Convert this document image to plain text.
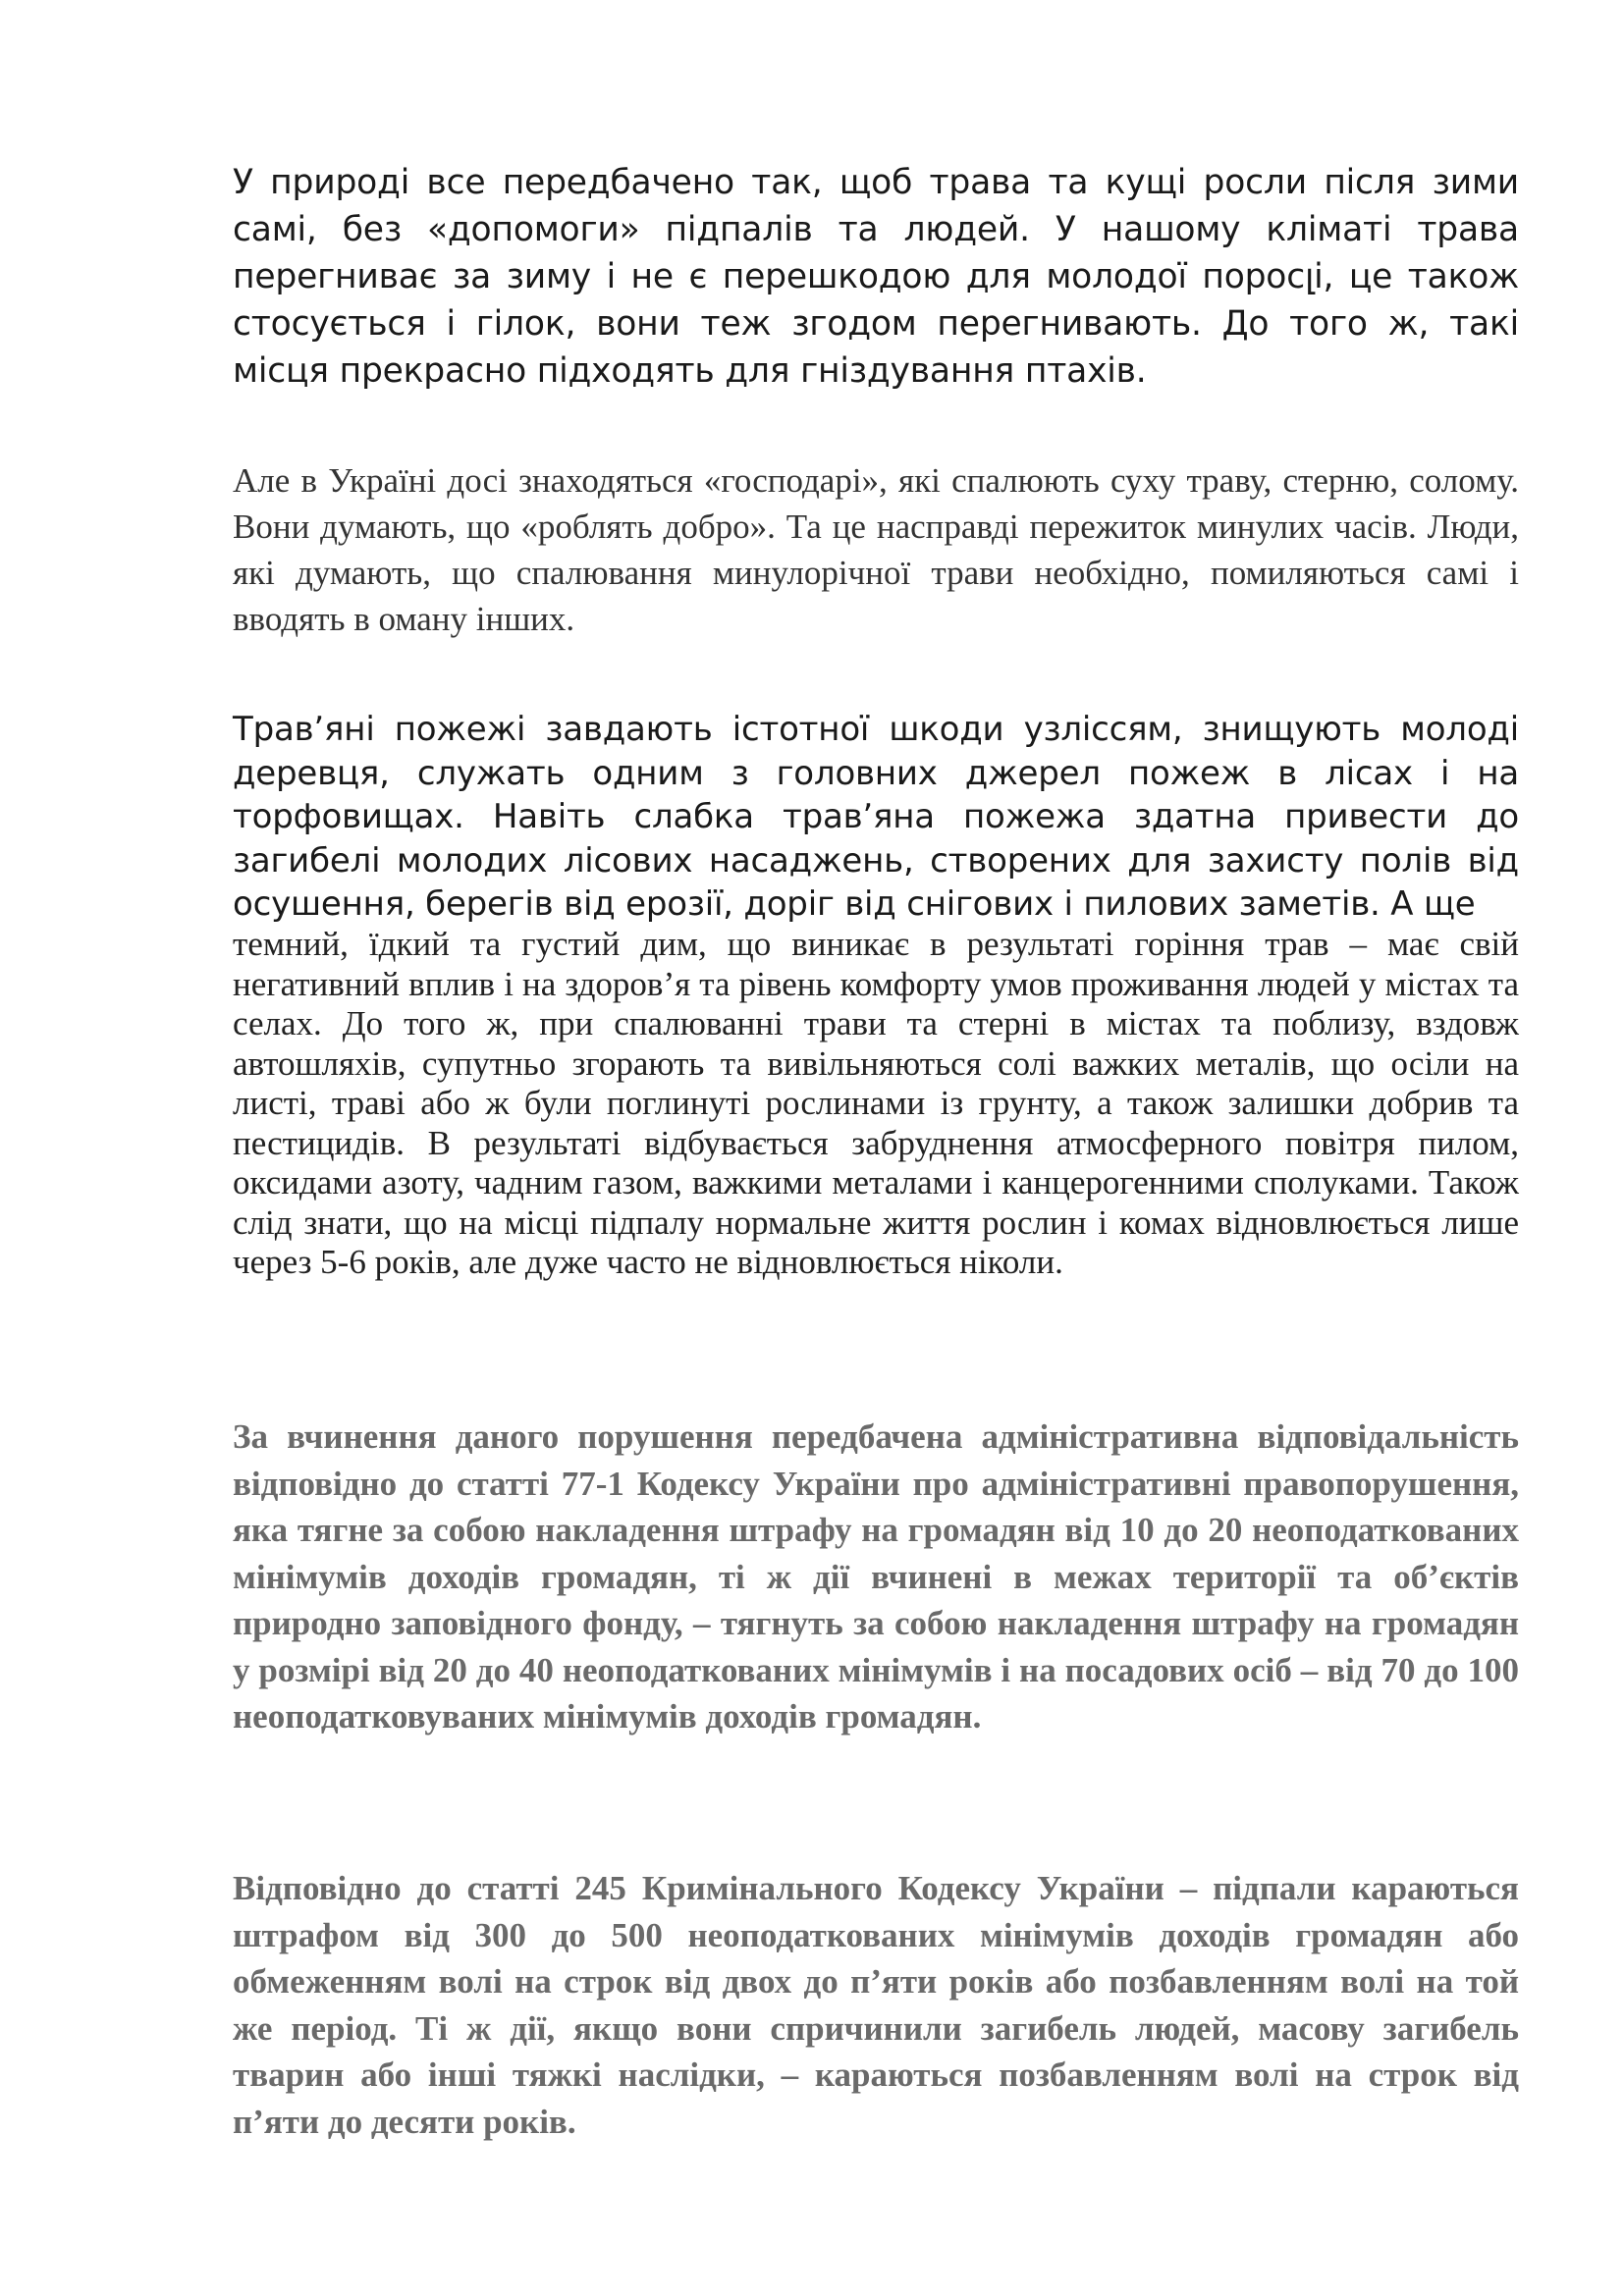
У природі все передбачено так, щоб трава та кущі росли після зими самі, без «допомоги» підпалів та людей. У нашому кліматі трава перегниває за зиму і не є перешкодою для молодої поросլі, це також стосується і гілок, вони теж згодом перегнивають. До того ж, такі місця прекрасно підходять для гніздування птахів.

Але в Україні досі знаходяться «господарі», які спалюють суху траву, стерню, солому. Вони думають, що «роблять добро». Та це насправді пережиток минулих часів. Люди, які думають, що спалювання минулорічної трави необхідно, помиляються самі і вводять в оману інших.

Трав’яні пожежі завдають істотної шкоди узліссям, знищують молоді деревця, служать одним з головних джерел пожеж в лісах і на торфовищах. Навіть слабка трав’яна пожежа здатна привести до загибелі молодих лісових насаджень, створених для захисту полів від осушення, берегів від ерозії, доріг від снігових і пилових заметів. А ще

темний, їдкий та густий дим, що виникає в результаті горіння трав – має свій негативний вплив і на здоров’я та рівень комфорту умов проживання людей у містах та селах. До того ж, при спалюванні трави та стерні в містах та поблизу, вздовж автошляхів, супутньо згорають та вивільняються солі важких металів, що осіли на листі, траві або ж були поглинуті рослинами із грунту, а також залишки добрив та пестицидів. В результаті відбувається забруднення атмосферного повітря пилом, оксидами азоту, чадним газом, важкими металами і канцерогенними сполуками. Також слід знати, що на місці підпалу нормальне життя рослин і комах відновлюється лише через 5-6 років, але дуже часто не відновлюється ніколи.

За вчинення даного порушення передбачена адміністративна відповідальність відповідно до статті 77-1 Кодексу України про адміністративні правопорушення, яка тягне за собою накладення штрафу на громадян від 10 до 20 неоподаткованих мінімумів доходів громадян, ті ж дії вчинені в межах території та об’єктів природно заповідного фонду, – тягнуть за собою накладення штрафу на громадян у розмірі від 20 до 40 неоподаткованих мінімумів і на посадових осіб – від 70 до 100 неоподатковуваних мінімумів доходів громадян.

Відповідно до статті 245 Кримінального Кодексу України – підпали караються штрафом від 300 до 500 неоподаткованих мінімумів доходів громадян або обмеженням волі на строк від двох до п’яти років або позбавленням волі на той же період. Ті ж дії, якщо вони спричинили загибель людей, масову загибель тварин або інші тяжкі наслідки, – караються позбавленням волі на строк від п’яти до десяти років.
